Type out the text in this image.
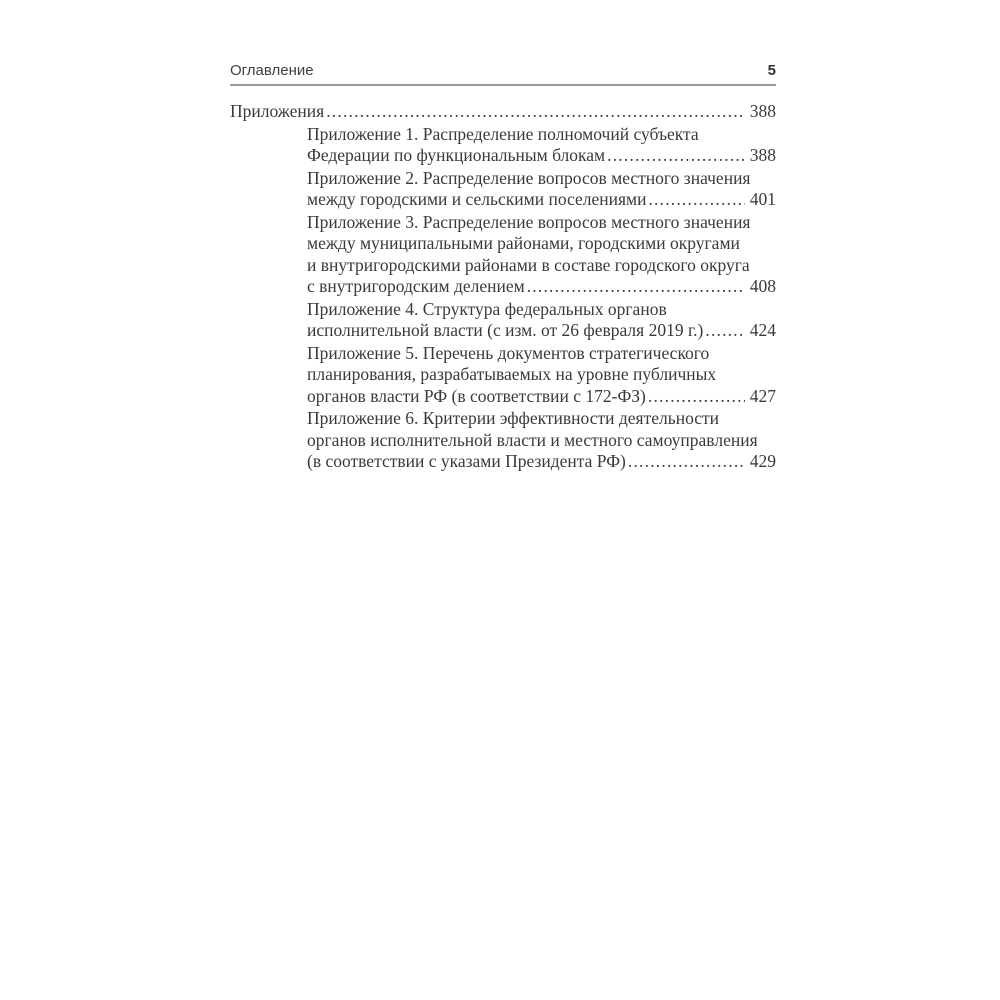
Оглавление	5
Приложения .....	388
Приложение 1. Распределение полномочий субъекта
Федерации по функциональным блокам .....	388
Приложение 2. Распределение вопросов местного значения
между городскими и сельскими поселениями .....	401
Приложение 3. Распределение вопросов местного значения
между муниципальными районами, городскими округами
и внутригородскими районами в составе городского округа
с внутригородским делением .....	408
Приложение 4. Структура федеральных органов
исполнительной власти (с изм. от 26 февраля 2019 г.) .....	424
Приложение 5. Перечень документов стратегического
планирования, разрабатываемых на уровне публичных
органов власти РФ (в соответствии с 172-ФЗ) .....	427
Приложение 6. Критерии эффективности деятельности
органов исполнительной власти и местного самоуправления
(в соответствии с указами Президента РФ) .....	429
